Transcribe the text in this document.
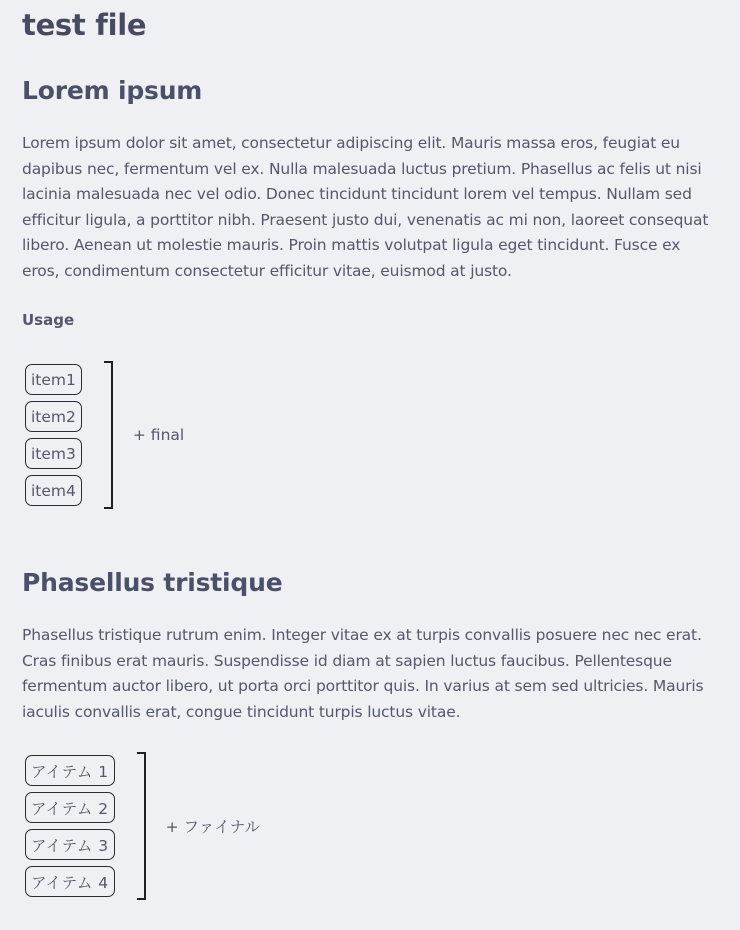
test file
Lorem ipsum

Lorem ipsum dolor sit amet, consectetur adipiscing elit. Mauris massa eros, feugiat eu dapibus nec, fermentum vel ex. Nulla malesuada luctus pretium. Phasellus ac felis ut nisi lacinia malesuada nec vel odio. Donec tincidunt tincidunt lorem vel tempus. Nullam sed efficitur ligula, a porttitor nibh. Praesent justo dui, venenatis ac mi non, laoreet consequat libero. Aenean ut molestie mauris. Proin mattis volutpat ligula eget tincidunt. Fusce ex eros, condimentum consectetur efficitur vitae, euismod at justo.

Usage

item1
item2
item3
item4
+ final
Phasellus tristique

Phasellus tristique rutrum enim. Integer vitae ex at turpis convallis posuere nec nec erat. Cras finibus erat mauris. Suspendisse id diam at sapien luctus faucibus. Pellentesque fermentum auctor libero, ut porta orci porttitor quis. In varius at sem sed ultricies. Mauris iaculis convallis erat, congue tincidunt turpis luctus vitae.

アイテム 1
アイテム 2
アイテム 3
アイテム 4
+ ファイナル
